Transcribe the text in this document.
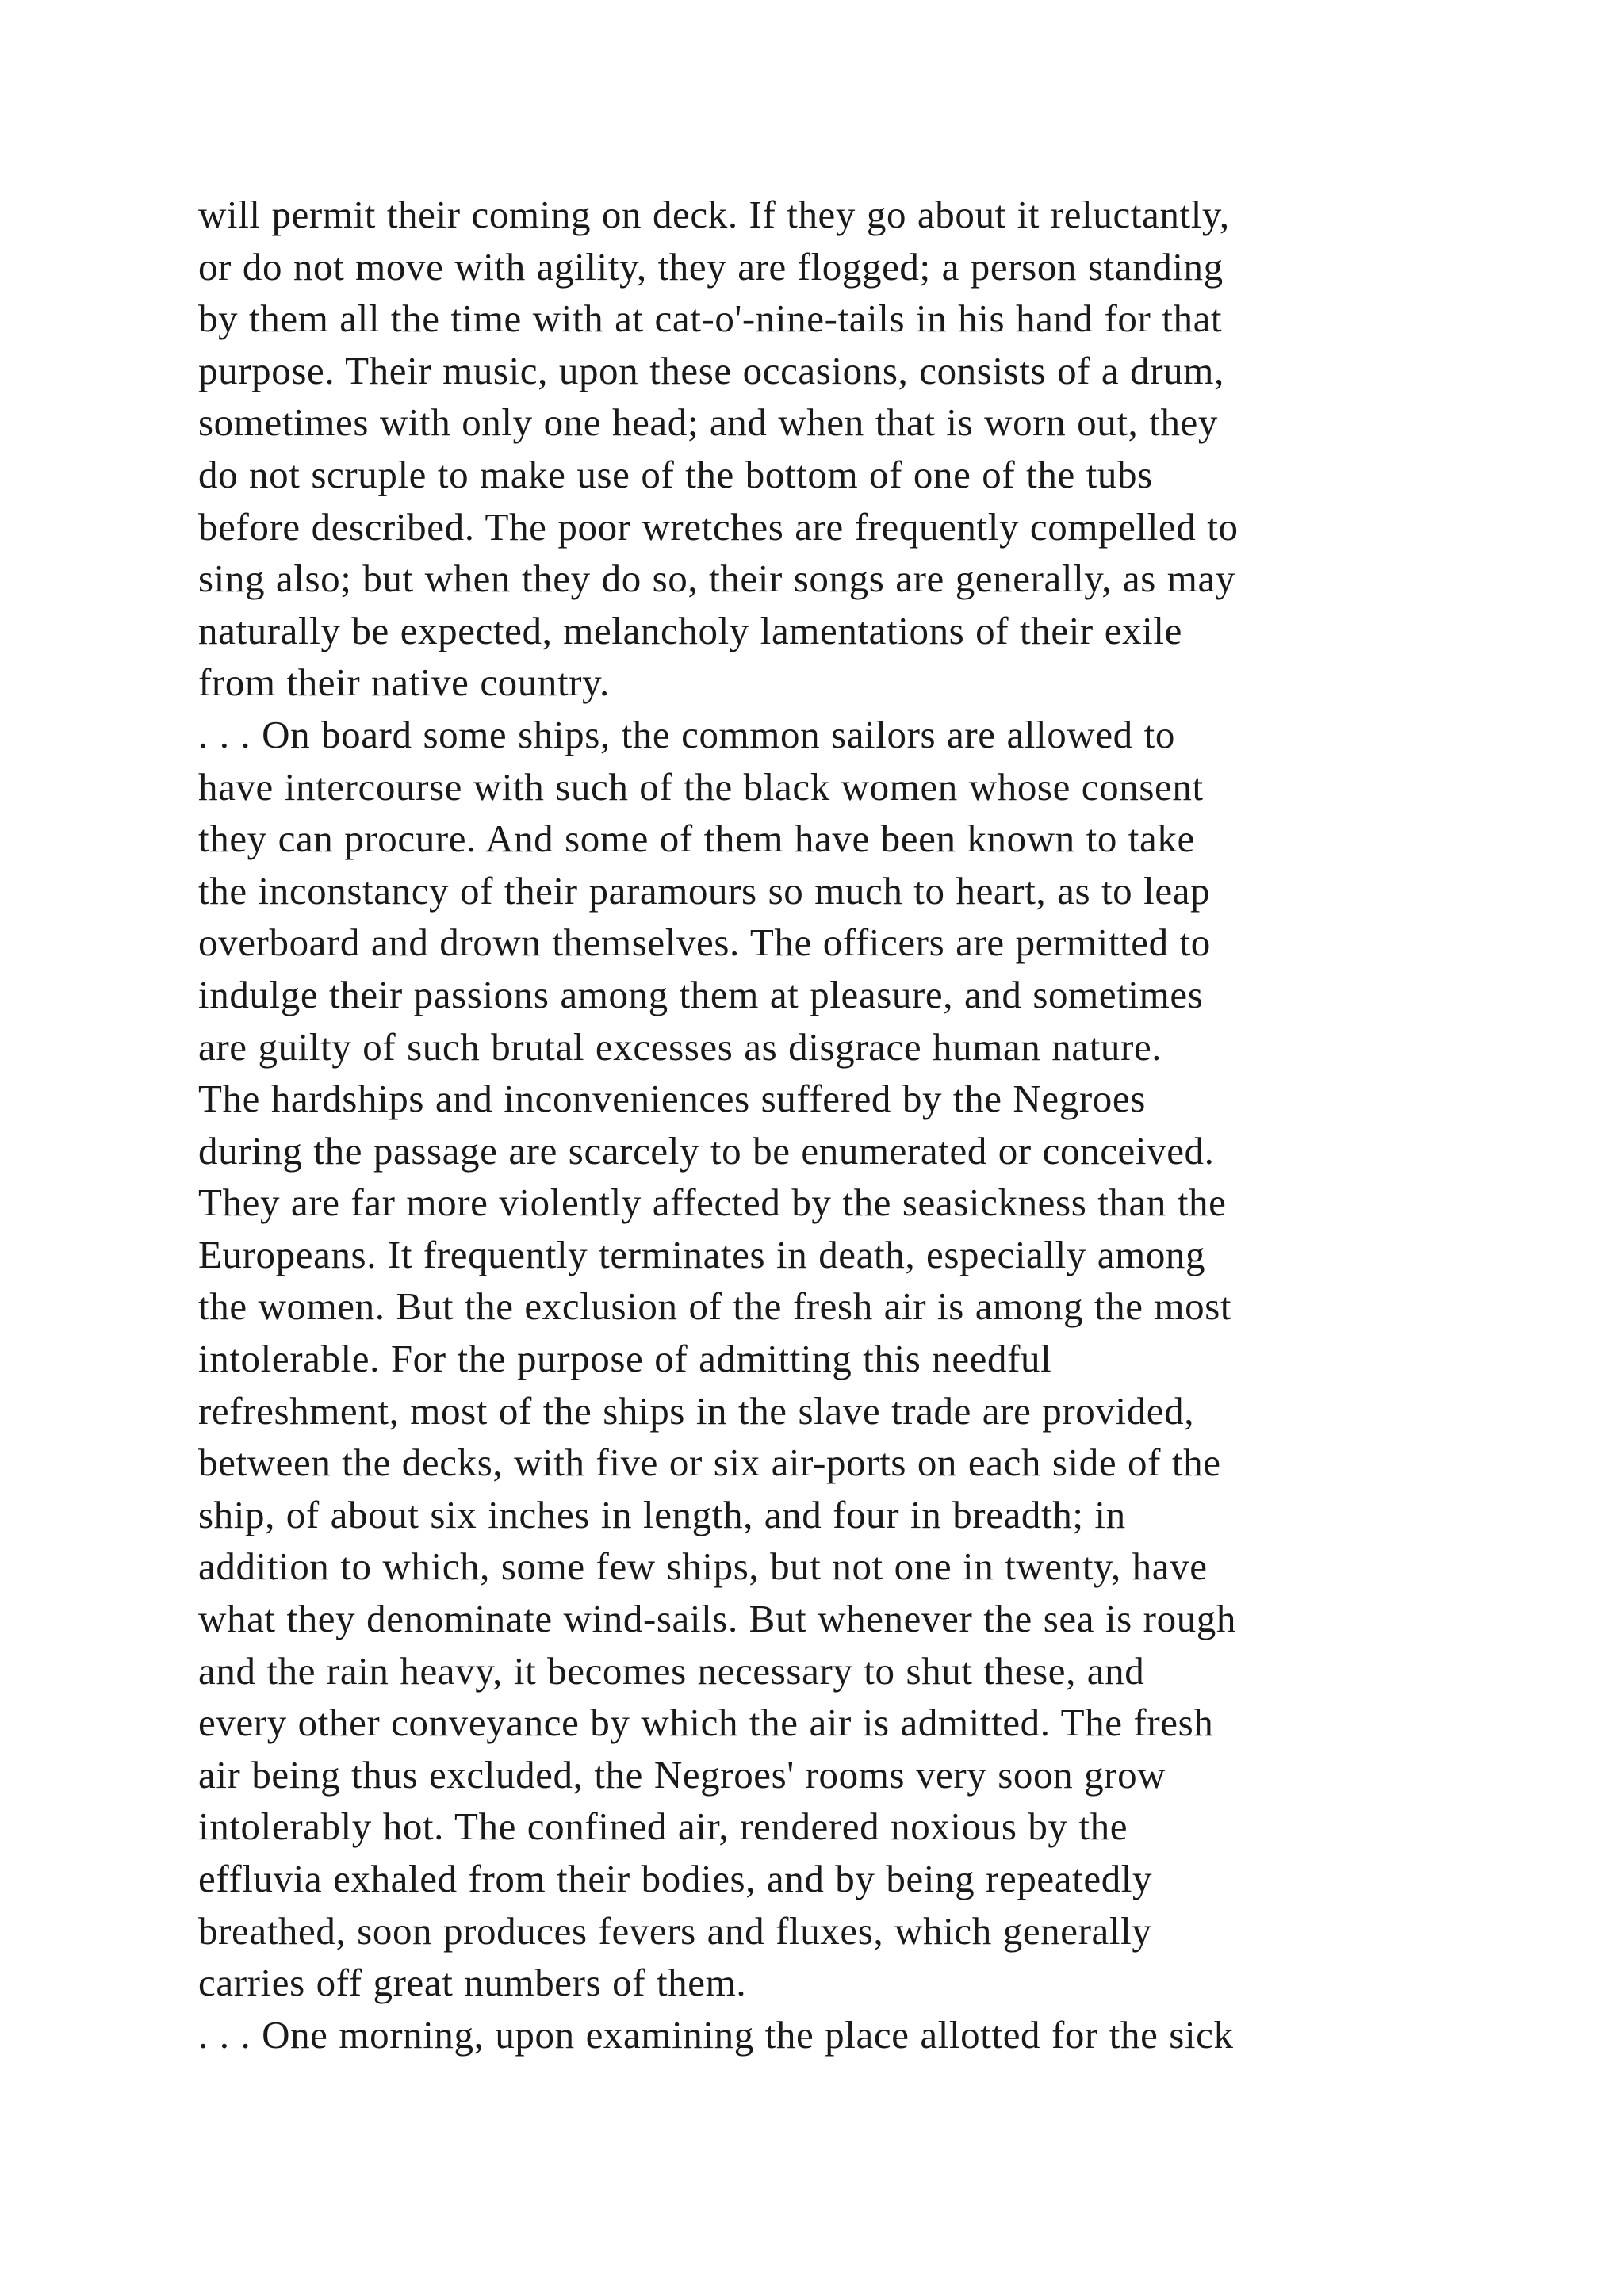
will permit their coming on deck. If they go about it reluctantly,
or do not move with agility, they are flogged; a person standing
by them all the time with at cat-o'-nine-tails in his hand for that
purpose. Their music, upon these occasions, consists of a drum,
sometimes with only one head; and when that is worn out, they
do not scruple to make use of the bottom of one of the tubs
before described. The poor wretches are frequently compelled to
sing also; but when they do so, their songs are generally, as may
naturally be expected, melancholy lamentations of their exile
from their native country.
. . . On board some ships, the common sailors are allowed to
have intercourse with such of the black women whose consent
they can procure. And some of them have been known to take
the inconstancy of their paramours so much to heart, as to leap
overboard and drown themselves. The officers are permitted to
indulge their passions among them at pleasure, and sometimes
are guilty of such brutal excesses as disgrace human nature.
The hardships and inconveniences suffered by the Negroes
during the passage are scarcely to be enumerated or conceived.
They are far more violently affected by the seasickness than the
Europeans. It frequently terminates in death, especially among
the women. But the exclusion of the fresh air is among the most
intolerable. For the purpose of admitting this needful
refreshment, most of the ships in the slave trade are provided,
between the decks, with five or six air-ports on each side of the
ship, of about six inches in length, and four in breadth; in
addition to which, some few ships, but not one in twenty, have
what they denominate wind-sails. But whenever the sea is rough
and the rain heavy, it becomes necessary to shut these, and
every other conveyance by which the air is admitted. The fresh
air being thus excluded, the Negroes' rooms very soon grow
intolerably hot. The confined air, rendered noxious by the
effluvia exhaled from their bodies, and by being repeatedly
breathed, soon produces fevers and fluxes, which generally
carries off great numbers of them.
. . . One morning, upon examining the place allotted for the sick
